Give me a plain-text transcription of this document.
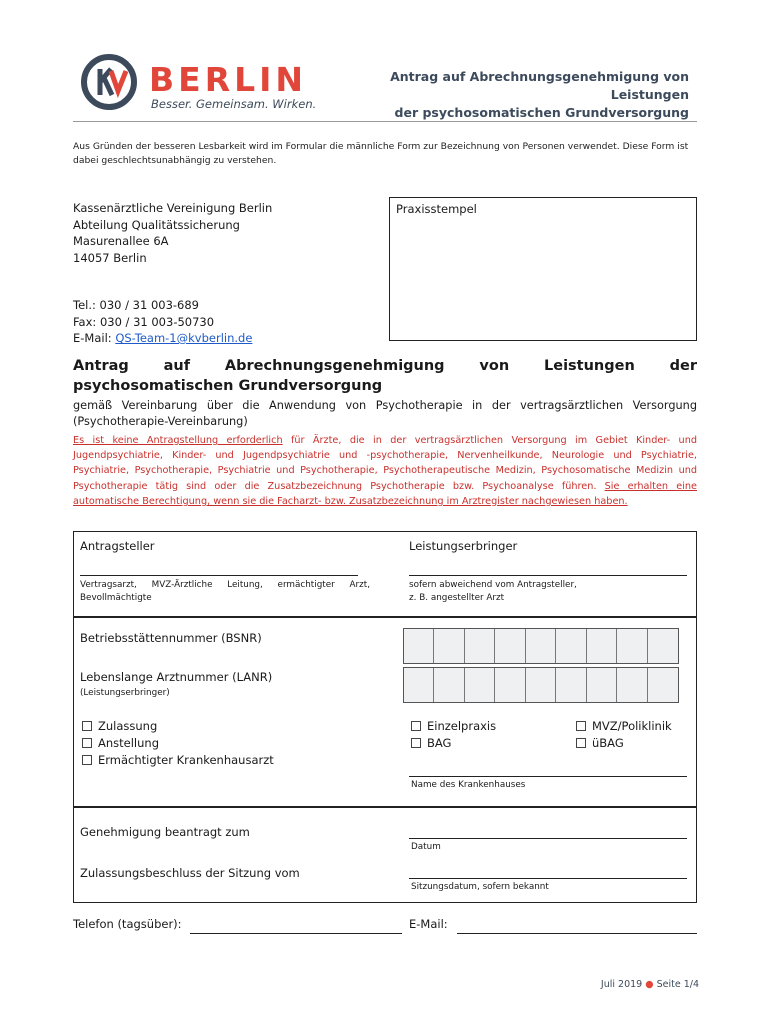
BERLIN
Besser. Gemeinsam. Wirken.
Antrag auf Abrechnungsgenehmigung von Leistungen
der psychosomatischen Grundversorgung
Aus Gründen der besseren Lesbarkeit wird im Formular die männliche Form zur Bezeichnung von Personen verwendet. Diese Form ist dabei geschlechtsunabhängig zu verstehen.
Kassenärztliche Vereinigung Berlin
Abteilung Qualitätssicherung
Masurenallee 6A
14057 Berlin
Praxisstempel
Tel.: 030 / 31 003-689
Fax: 030 / 31 003-50730
E-Mail: QS-Team-1@kvberlin.de
Antrag auf Abrechnungsgenehmigung von Leistungen der psychosomatischen Grundversorgung
gemäß Vereinbarung über die Anwendung von Psychotherapie in der vertragsärztlichen Versorgung (Psychotherapie-Vereinbarung)
Es ist keine Antragstellung erforderlich für Ärzte, die in der vertragsärztlichen Versorgung im Gebiet Kinder- und Jugendpsychiatrie, Kinder- und Jugendpsychiatrie und -psychotherapie, Nervenheilkunde, Neurologie und Psychiatrie, Psychiatrie, Psychotherapie, Psychiatrie und Psychotherapie, Psychotherapeutische Medizin, Psychosomatische Medizin und Psychotherapie tätig sind oder die Zusatzbezeichnung Psychotherapie bzw. Psychoanalyse führen. Sie erhalten eine automatische Berechtigung, wenn sie die Facharzt- bzw. Zusatzbezeichnung im Arztregister nachgewiesen haben.
Antragsteller
Vertragsarzt, MVZ-Ärztliche Leitung, ermächtigter Arzt, Bevollmächtigte
Leistungserbringer
sofern abweichend vom Antragsteller,
z. B. angestellter Arzt
Betriebsstättennummer (BSNR)
Lebenslange Arztnummer (LANR)
(Leistungserbringer)
Zulassung
Anstellung
Ermächtigter Krankenhausarzt
Einzelpraxis
BAG
MVZ/Poliklinik
üBAG
Name des Krankenhauses
Genehmigung beantragt zum
Datum
Zulassungsbeschluss der Sitzung vom
Sitzungsdatum, sofern bekannt
Telefon (tagsüber):	E-Mail:
Juli 2019 ● Seite 1/4
